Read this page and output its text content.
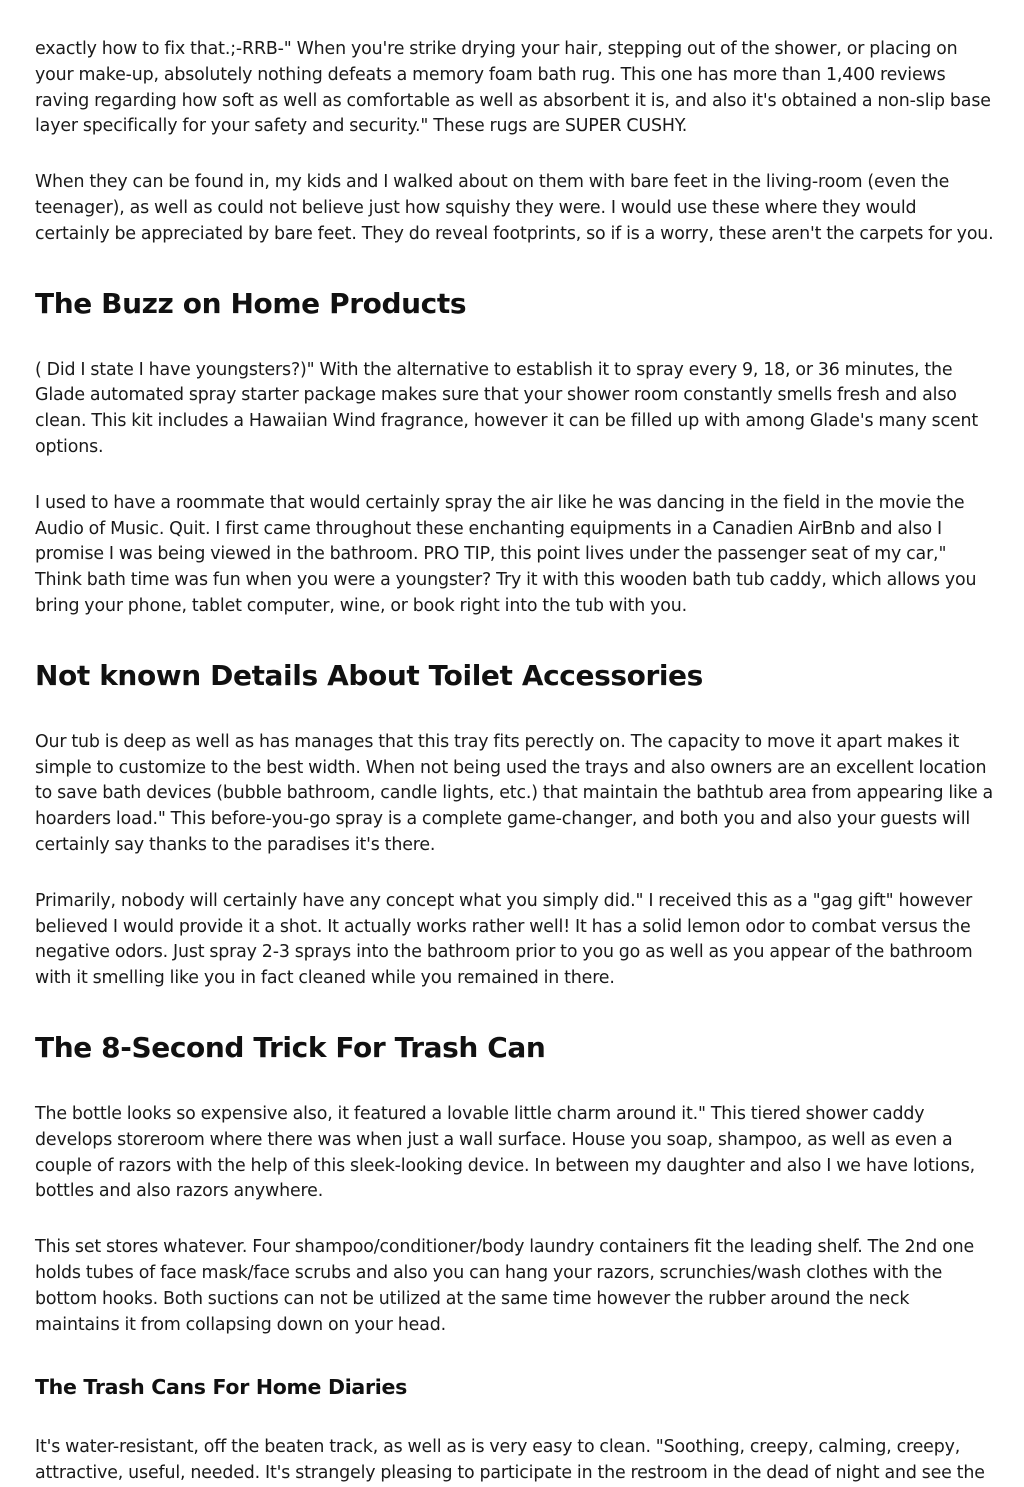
exactly how to fix that.;-RRB-" When you're strike drying your hair, stepping out of the shower, or placing on your make-up, absolutely nothing defeats a memory foam bath rug. This one has more than 1,400 reviews raving regarding how soft as well as comfortable as well as absorbent it is, and also it's obtained a non-slip base layer specifically for your safety and security." These rugs are SUPER CUSHY.

When they can be found in, my kids and I walked about on them with bare feet in the living-room (even the teenager), as well as could not believe just how squishy they were. I would use these where they would certainly be appreciated by bare feet. They do reveal footprints, so if is a worry, these aren't the carpets for you.

The Buzz on Home Products

( Did I state I have youngsters?)" With the alternative to establish it to spray every 9, 18, or 36 minutes, the Glade automated spray starter package makes sure that your shower room constantly smells fresh and also clean. This kit includes a Hawaiian Wind fragrance, however it can be filled up with among Glade's many scent options.

I used to have a roommate that would certainly spray the air like he was dancing in the field in the movie the Audio of Music. Quit. I first came throughout these enchanting equipments in a Canadien AirBnb and also I promise I was being viewed in the bathroom. PRO TIP, this point lives under the passenger seat of my car," Think bath time was fun when you were a youngster? Try it with this wooden bath tub caddy, which allows you bring your phone, tablet computer, wine, or book right into the tub with you.

Not known Details About Toilet Accessories

Our tub is deep as well as has manages that this tray fits perectly on. The capacity to move it apart makes it simple to customize to the best width. When not being used the trays and also owners are an excellent location to save bath devices (bubble bathroom, candle lights, etc.) that maintain the bathtub area from appearing like a hoarders load." This before-you-go spray is a complete game-changer, and both you and also your guests will certainly say thanks to the paradises it's there.

Primarily, nobody will certainly have any concept what you simply did." I received this as a "gag gift" however believed I would provide it a shot. It actually works rather well! It has a solid lemon odor to combat versus the negative odors. Just spray 2-3 sprays into the bathroom prior to you go as well as you appear of the bathroom with it smelling like you in fact cleaned while you remained in there.

The 8-Second Trick For Trash Can

The bottle looks so expensive also, it featured a lovable little charm around it." This tiered shower caddy develops storeroom where there was when just a wall surface. House you soap, shampoo, as well as even a couple of razors with the help of this sleek-looking device. In between my daughter and also I we have lotions, bottles and also razors anywhere.

This set stores whatever. Four shampoo/conditioner/body laundry containers fit the leading shelf. The 2nd one holds tubes of face mask/face scrubs and also you can hang your razors, scrunchies/wash clothes with the bottom hooks. Both suctions can not be utilized at the same time however the rubber around the neck maintains it from collapsing down on your head.

The Trash Cans For Home Diaries

It's water-resistant, off the beaten track, as well as is very easy to clean. "Soothing, creepy, calming, creepy, attractive, useful, needed. It's strangely pleasing to participate in the restroom in the dead of night and see the
